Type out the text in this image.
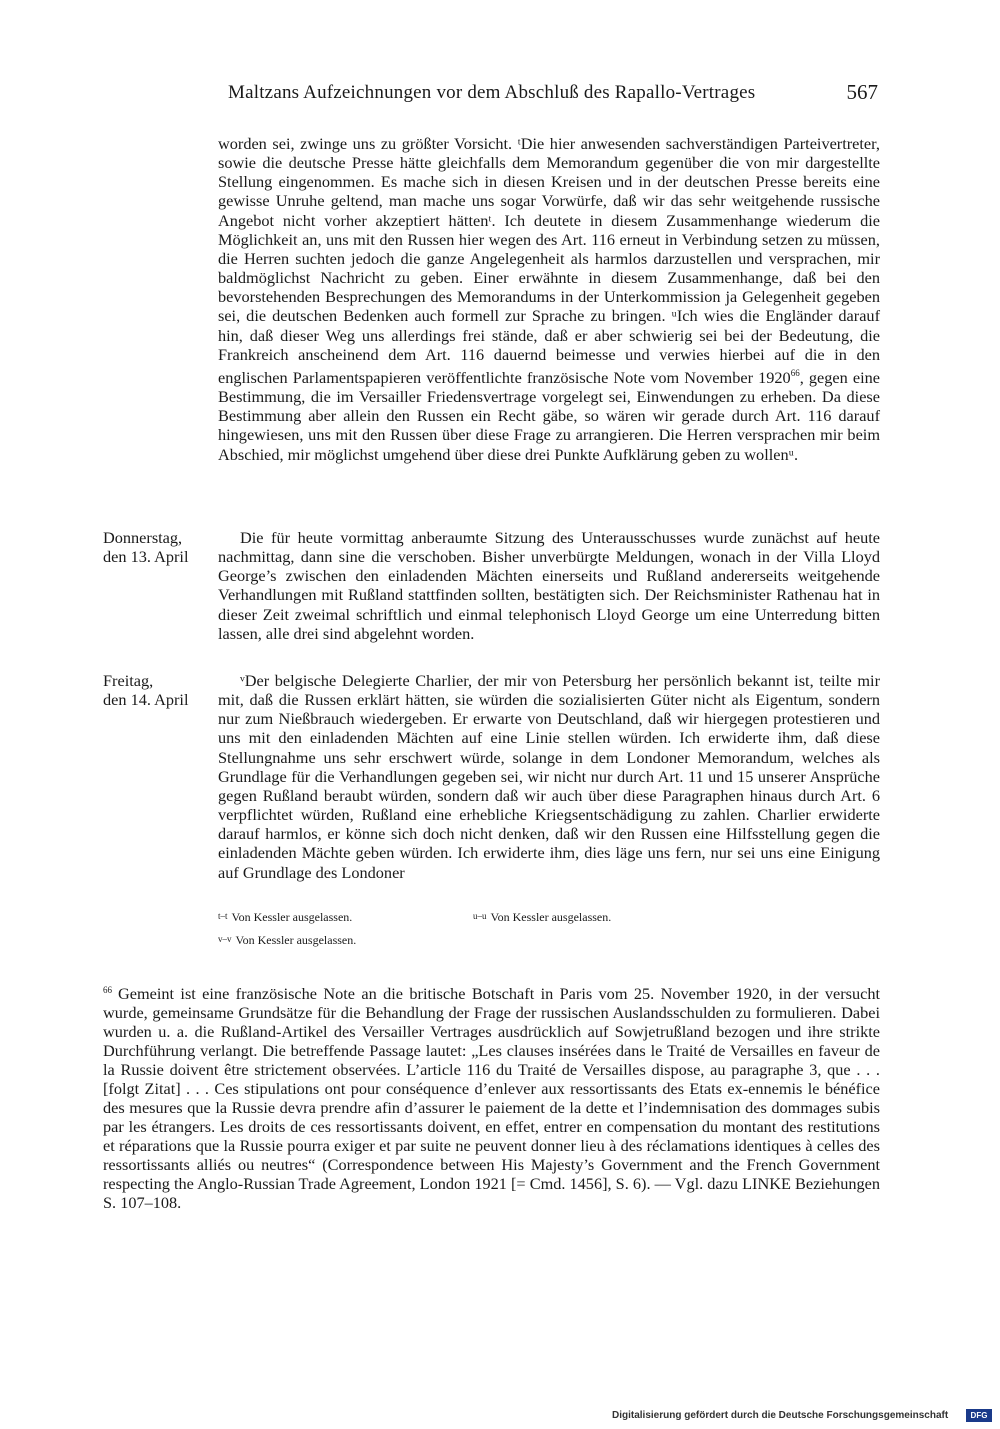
Maltzans Aufzeichnungen vor dem Abschluß des Rapallo-Vertrages	567

worden sei, zwinge uns zu größter Vorsicht. ᵗDie hier anwesenden sachverständigen Parteivertreter, sowie die deutsche Presse hätte gleichfalls dem Memorandum gegenüber die von mir dargestellte Stellung eingenommen. Es mache sich in diesen Kreisen und in der deutschen Presse bereits eine gewisse Unruhe geltend, man mache uns sogar Vorwürfe, daß wir das sehr weitgehende russische Angebot nicht vorher akzeptiert hättenᵗ. Ich deutete in diesem Zusammenhange wiederum die Möglichkeit an, uns mit den Russen hier wegen des Art. 116 erneut in Verbindung setzen zu müssen, die Herren suchten jedoch die ganze Angelegenheit als harmlos darzustellen und versprachen, mir baldmöglichst Nachricht zu geben. Einer erwähnte in diesem Zusammenhange, daß bei den bevorstehenden Besprechungen des Memorandums in der Unterkommission ja Gelegenheit gegeben sei, die deutschen Bedenken auch formell zur Sprache zu bringen. ᵘIch wies die Engländer darauf hin, daß dieser Weg uns allerdings frei stände, daß er aber schwierig sei bei der Bedeutung, die Frankreich anscheinend dem Art. 116 dauernd beimesse und verwies hierbei auf die in den englischen Parlamentspapieren veröffentlichte französische Note vom November 1920$^{66}$, gegen eine Bestimmung, die im Versailler Friedensvertrage vorgelegt sei, Einwendungen zu erheben. Da diese Bestimmung aber allein den Russen ein Recht gäbe, so wären wir gerade durch Art. 116 darauf hingewiesen, uns mit den Russen über diese Frage zu arrangieren. Die Herren versprachen mir beim Abschied, mir möglichst umgehend über diese drei Punkte Aufklärung geben zu wollenᵘ.

Donnerstag,
den 13. April

Die für heute vormittag anberaumte Sitzung des Unterausschusses wurde zunächst auf heute nachmittag, dann sine die verschoben. Bisher unverbürgte Meldungen, wonach in der Villa Lloyd George’s zwischen den einladenden Mächten einerseits und Rußland andererseits weitgehende Verhandlungen mit Rußland stattfinden sollten, bestätigten sich. Der Reichsminister Rathenau hat in dieser Zeit zweimal schriftlich und einmal telephonisch Lloyd George um eine Unterredung bitten lassen, alle drei sind abgelehnt worden.

Freitag,
den 14. April

ᵛDer belgische Delegierte Charlier, der mir von Petersburg her persönlich bekannt ist, teilte mir mit, daß die Russen erklärt hätten, sie würden die sozialisierten Güter nicht als Eigentum, sondern nur zum Nießbrauch wiedergeben. Er erwarte von Deutschland, daß wir hiergegen protestieren und uns mit den einladenden Mächten auf eine Linie stellen würden. Ich erwiderte ihm, daß diese Stellungnahme uns sehr erschwert würde, solange in dem Londoner Memorandum, welches als Grundlage für die Verhandlungen gegeben sei, wir nicht nur durch Art. 11 und 15 unserer Ansprüche gegen Rußland beraubt würden, sondern daß wir auch über diese Paragraphen hinaus durch Art. 6 verpflichtet würden, Rußland eine erhebliche Kriegsentschädigung zu zahlen. Charlier erwiderte darauf harmlos, er könne sich doch nicht denken, daß wir den Russen eine Hilfsstellung gegen die einladenden Mächte geben würden. Ich erwiderte ihm, dies läge uns fern, nur sei uns eine Einigung auf Grundlage des Londoner

t–t Von Kessler ausgelassen.	u–u Von Kessler ausgelassen.
v–v Von Kessler ausgelassen.
$^{66}$ Gemeint ist eine französische Note an die britische Botschaft in Paris vom 25. November 1920, in der versucht wurde, gemeinsame Grundsätze für die Behandlung der Frage der russischen Auslandsschulden zu formulieren. Dabei wurden u. a. die Rußland-Artikel des Versailler Vertrages ausdrücklich auf Sowjetrußland bezogen und ihre strikte Durchführung verlangt. Die betreffende Passage lautet: „Les clauses insérées dans le Traité de Versailles en faveur de la Russie doivent être strictement observées. L’article 116 du Traité de Versailles dispose, au paragraphe 3, que . . . [folgt Zitat] . . . Ces stipulations ont pour conséquence d’enlever aux ressortissants des Etats ex-ennemis le bénéfice des mesures que la Russie devra prendre afin d’assurer le paiement de la dette et l’indemnisation des dommages subis par les étrangers. Les droits de ces ressortissants doivent, en effet, entrer en compensation du montant des restitutions et réparations que la Russie pourra exiger et par suite ne peuvent donner lieu à des réclamations identiques à celles des ressortissants alliés ou neutres“ (Correspondence between His Majesty’s Government and the French Government respecting the Anglo-Russian Trade Agreement, London 1921 [= Cmd. 1456], S. 6). — Vgl. dazu LINKE Beziehungen S. 107–108.
Digitalisierung gefördert durch die Deutsche Forschungsgemeinschaft	DFG
